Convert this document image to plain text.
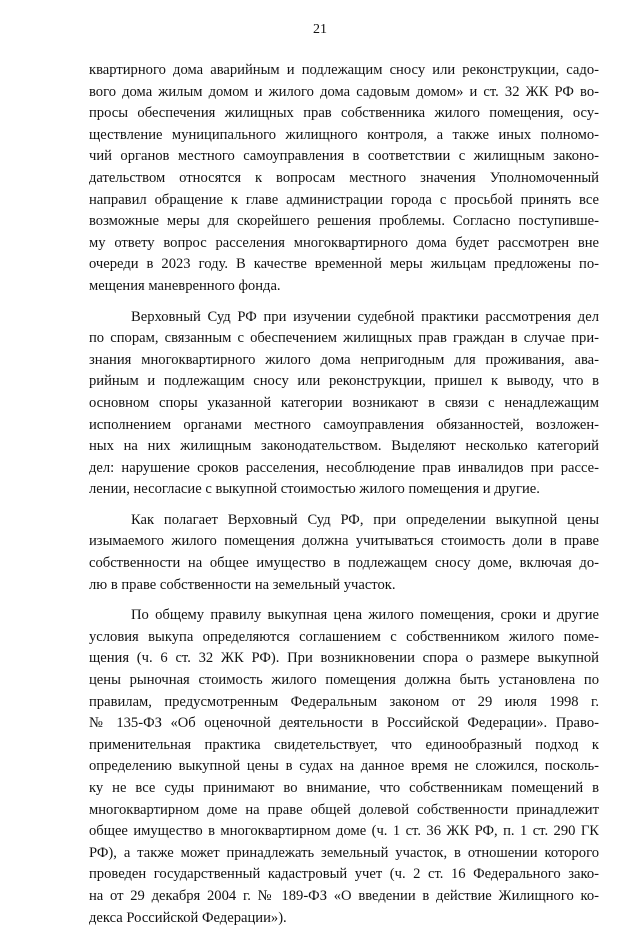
21
квартирного дома аварийным и подлежащим сносу или реконструкции, садо-
вого дома жилым домом и жилого дома садовым домом» и ст. 32 ЖК РФ во-
просы обеспечения жилищных прав собственника жилого помещения, осу-
ществление муниципального жилищного контроля, а также иных полномо-
чий органов местного самоуправления в соответствии с жилищным законо-
дательством относятся к вопросам местного значения Уполномоченный
направил обращение к главе администрации города с просьбой принять все
возможные меры для скорейшего решения проблемы. Согласно поступивше-
му ответу вопрос расселения многоквартирного дома будет рассмотрен вне
очереди в 2023 году. В качестве временной меры жильцам предложены по-
мещения маневренного фонда.
Верховный Суд РФ при изучении судебной практики рассмотрения дел
по спорам, связанным с обеспечением жилищных прав граждан в случае при-
знания многоквартирного жилого дома непригодным для проживания, ава-
рийным и подлежащим сносу или реконструкции, пришел к выводу, что в
основном споры указанной категории возникают в связи с ненадлежащим
исполнением органами местного самоуправления обязанностей, возложен-
ных на них жилищным законодательством. Выделяют несколько категорий
дел: нарушение сроков расселения, несоблюдение прав инвалидов при рассе-
лении, несогласие с выкупной стоимостью жилого помещения и другие.
Как полагает Верховный Суд РФ, при определении выкупной цены
изымаемого жилого помещения должна учитываться стоимость доли в праве
собственности на общее имущество в подлежащем сносу доме, включая до-
лю в праве собственности на земельный участок.
По общему правилу выкупная цена жилого помещения, сроки и другие
условия выкупа определяются соглашением с собственником жилого поме-
щения (ч. 6 ст. 32 ЖК РФ). При возникновении спора о размере выкупной
цены рыночная стоимость жилого помещения должна быть установлена по
правилам, предусмотренным Федеральным законом от 29 июля 1998 г.
№ 135-ФЗ «Об оценочной деятельности в Российской Федерации». Право-
применительная практика свидетельствует, что единообразный подход к
определению выкупной цены в судах на данное время не сложился, посколь-
ку не все суды принимают во внимание, что собственникам помещений в
многоквартирном доме на праве общей долевой собственности принадлежит
общее имущество в многоквартирном доме (ч. 1 ст. 36 ЖК РФ, п. 1 ст. 290 ГК
РФ), а также может принадлежать земельный участок, в отношении которого
проведен государственный кадастровый учет (ч. 2 ст. 16 Федерального зако-
на от 29 декабря 2004 г. № 189-ФЗ «О введении в действие Жилищного ко-
декса Российской Федерации»).
